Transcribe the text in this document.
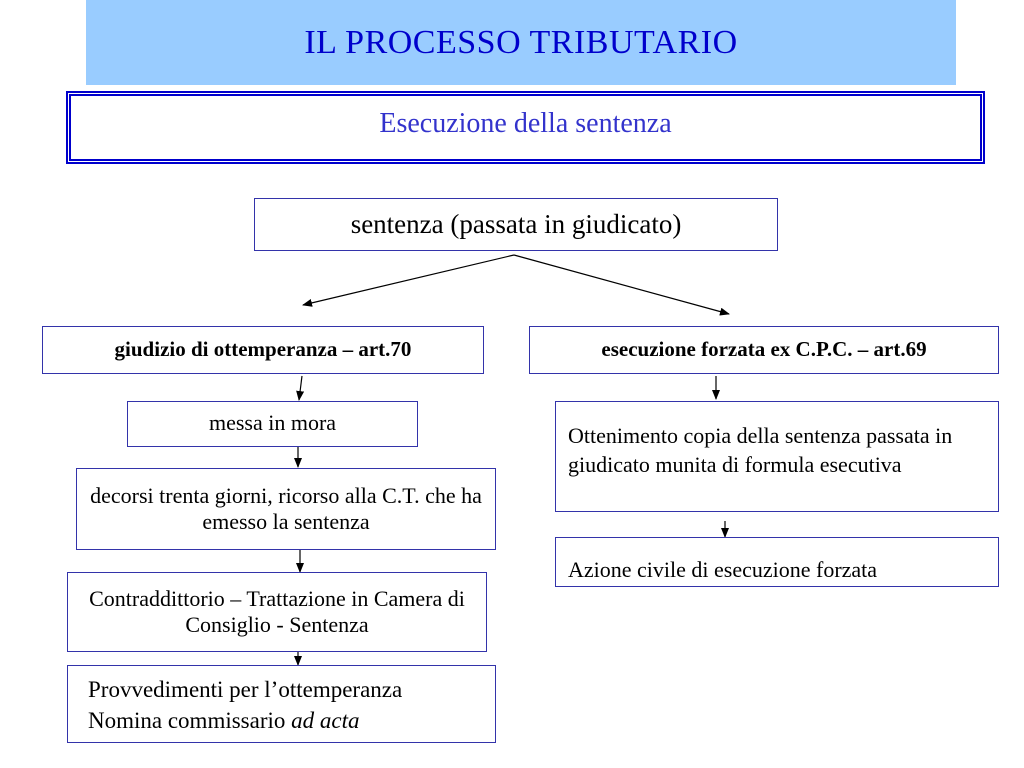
IL PROCESSO TRIBUTARIO
Esecuzione della sentenza
sentenza (passata in giudicato)
giudizio di ottemperanza – art.70	esecuzione forzata ex C.P.C. – art.69
messa in mora
decorsi trenta giorni, ricorso alla C.T. che ha emesso la sentenza
Contraddittorio – Trattazione in Camera di Consiglio - Sentenza
Provvedimenti per l’ottemperanza
Nomina commissario ad acta
Ottenimento copia della sentenza passata in giudicato munita di formula esecutiva
Azione civile di esecuzione forzata
